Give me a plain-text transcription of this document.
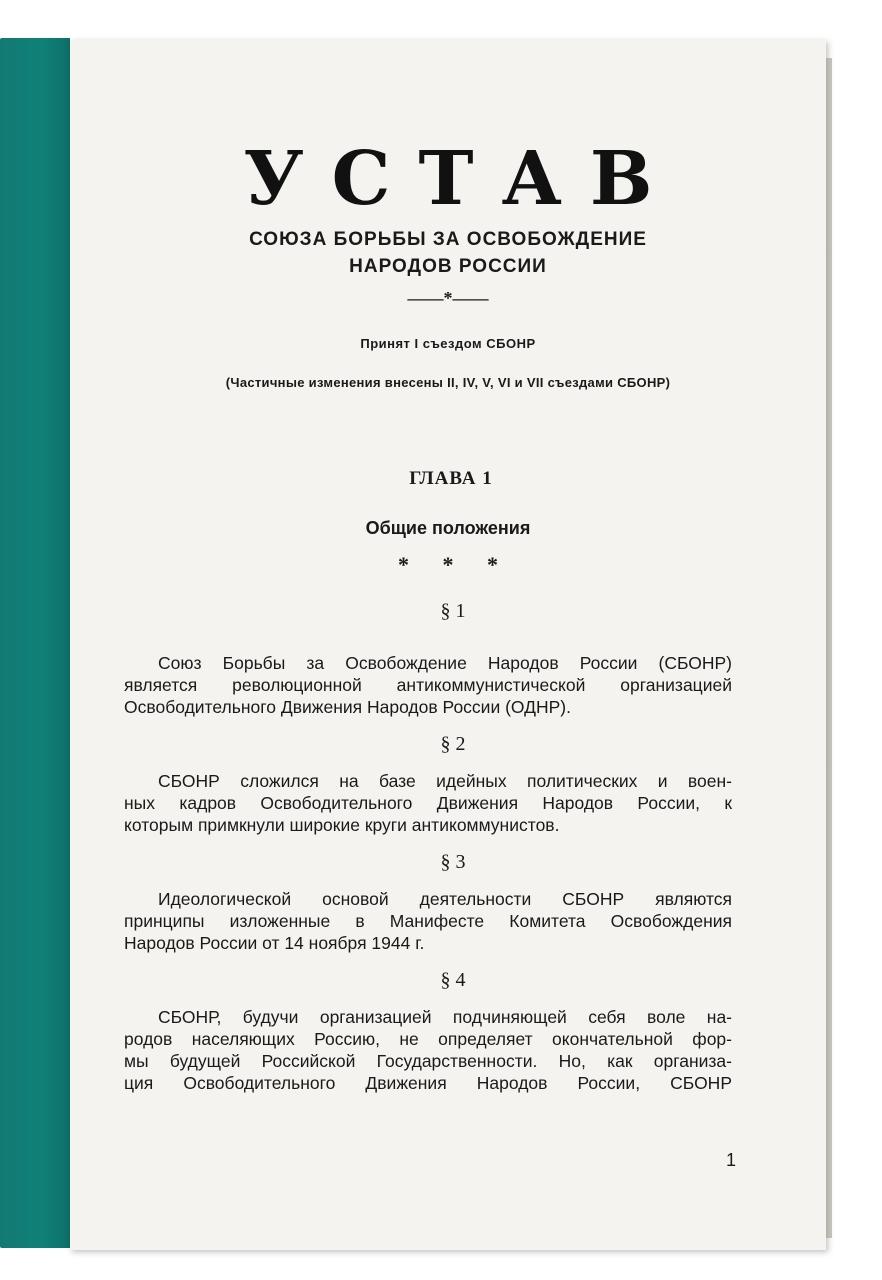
УСТАВ
СОЮЗА БОРЬБЫ ЗА ОСВОБОЖДЕНИЕ
НАРОДОВ РОССИИ
——*——
Принят I съездом СБОНР
(Частичные изменения внесены II, IV, V, VI и VII съездами СБОНР)
ГЛАВА 1
Общие положения
* * *
§ 1
Союз Борьбы за Освобождение Народов России (СБОНР)
является революционной антикоммунистической организацией
Освободительного Движения Народов России (ОДНР).
§ 2
СБОНР сложился на базе идейных политических и воен-
ных кадров Освободительного Движения Народов России, к
которым примкнули широкие круги антикоммунистов.
§ 3
Идеологической основой деятельности СБОНР являются
принципы изложенные в Манифесте Комитета Освобождения
Народов России от 14 ноября 1944 г.
§ 4
СБОНР, будучи организацией подчиняющей себя воле на-
родов населяющих Россию, не определяет окончательной фор-
мы будущей Российской Государственности. Но, как организа-
ция Освободительного Движения Народов России, СБОНР
1
